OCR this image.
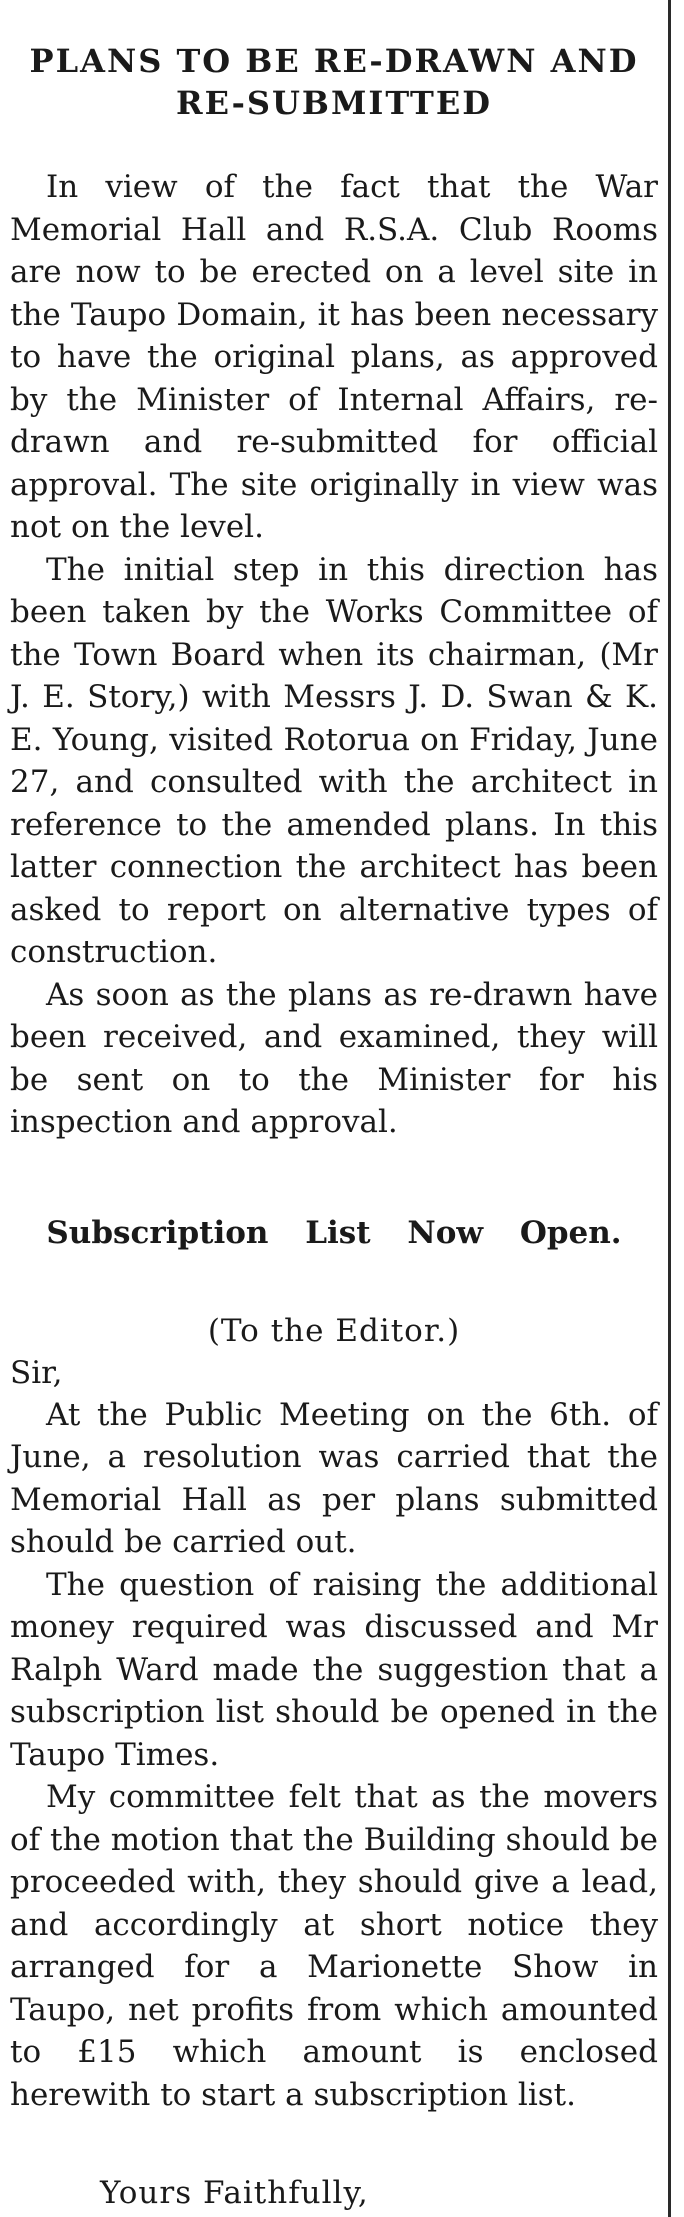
PLANS TO BE RE-DRAWN AND RE-SUBMITTED

In view of the fact that the War Memorial Hall and R.S.A. Club Rooms are now to be erected on a level site in the Taupo Domain, it has been necessary to have the original plans, as approved by the Minister of Internal Affairs, re-drawn and re-submitted for official approval. The site originally in view was not on the level.

The initial step in this direction has been taken by the Works Committee of the Town Board when its chairman, (Mr J. E. Story,) with Messrs J. D. Swan & K. E. Young, visited Rotorua on Friday, June 27, and consulted with the architect in reference to the amended plans. In this latter connection the architect has been asked to report on alternative types of construction.

As soon as the plans as re-drawn have been received, and examined, they will be sent on to the Minister for his inspection and approval.

Subscription List Now Open.
(To the Editor.)
Sir,

At the Public Meeting on the 6th. of June, a resolution was carried that the Memorial Hall as per plans submitted should be carried out.

The question of raising the additional money required was discussed and Mr Ralph Ward made the suggestion that a subscription list should be opened in the Taupo Times.

My committee felt that as the movers of the motion that the Building should be proceeded with, they should give a lead, and accordingly at short notice they arranged for a Marionette Show in Taupo, net profits from which amounted to £15 which amount is enclosed herewith to start a subscription list.

Yours Faithfully,
